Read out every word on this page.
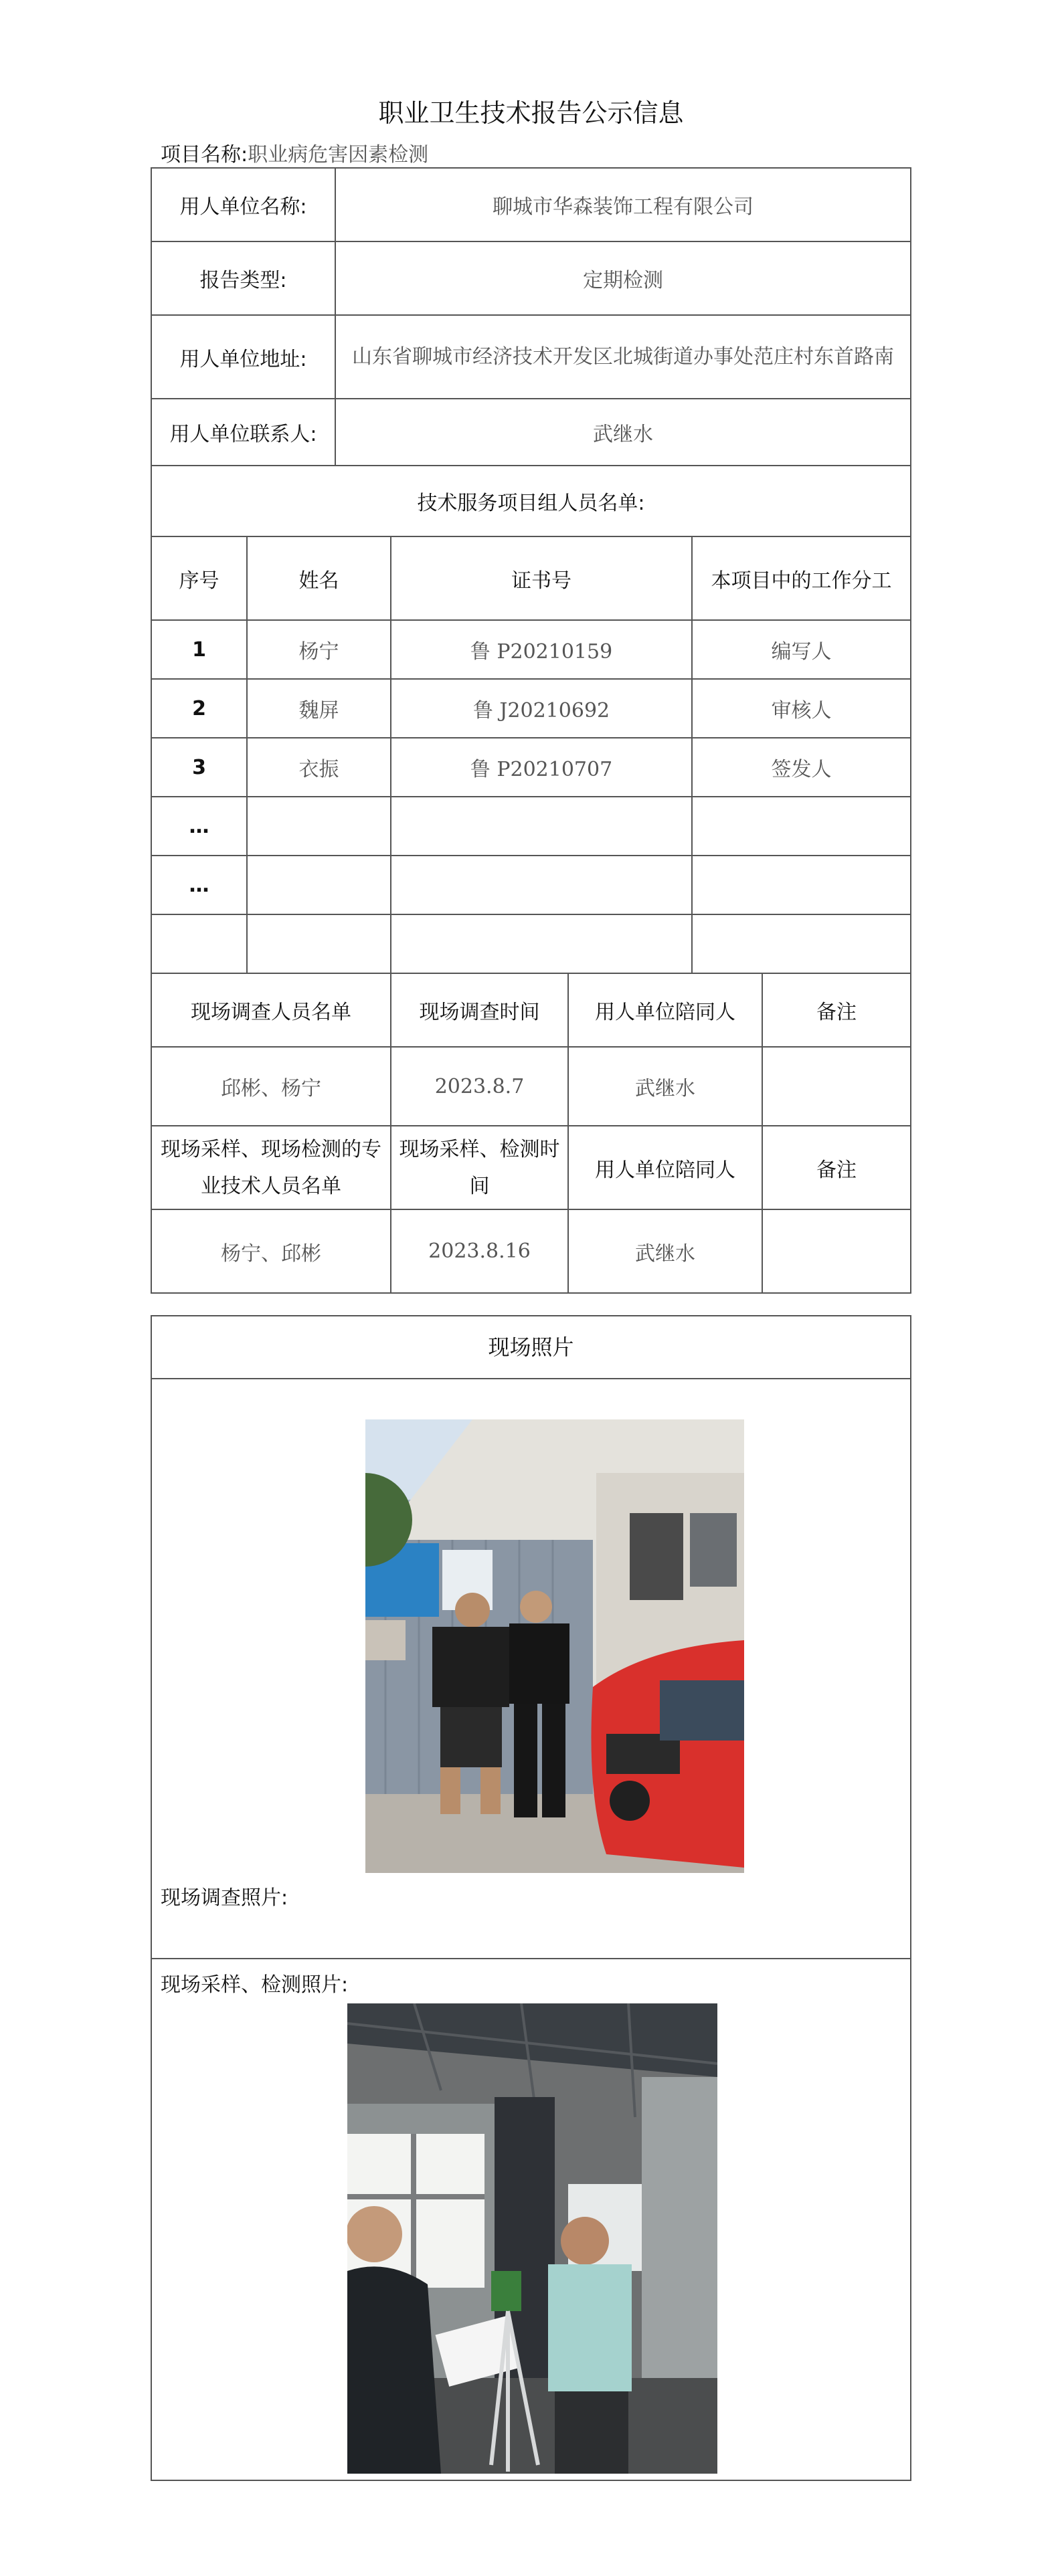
职业卫生技术报告公示信息
项目名称:职业病危害因素检测
用人单位名称:	聊城市华森装饰工程有限公司
报告类型:	定期检测
用人单位地址:	山东省聊城市经济技术开发区北城街道办事处范庄村东首路南
用人单位联系人:	武继水
技术服务项目组人员名单:			
序号	姓名	证书号	本项目中的工作分工
1	杨宁	鲁 P20210159	编写人
2	魏屏	鲁 J20210692	审核人
3	衣振	鲁 P20210707	签发人
…			
…			

现场调查人员名单	现场调查时间	用人单位陪同人	备注
邱彬、杨宁	2023.8.7	武继水	
现场采样、现场检测的专业技术人员名单	现场采样、检测时间	用人单位陪同人	备注
杨宁、邱彬	2023.8.16	武继水	
现场照片
现场调查照片:
现场采样、检测照片:
